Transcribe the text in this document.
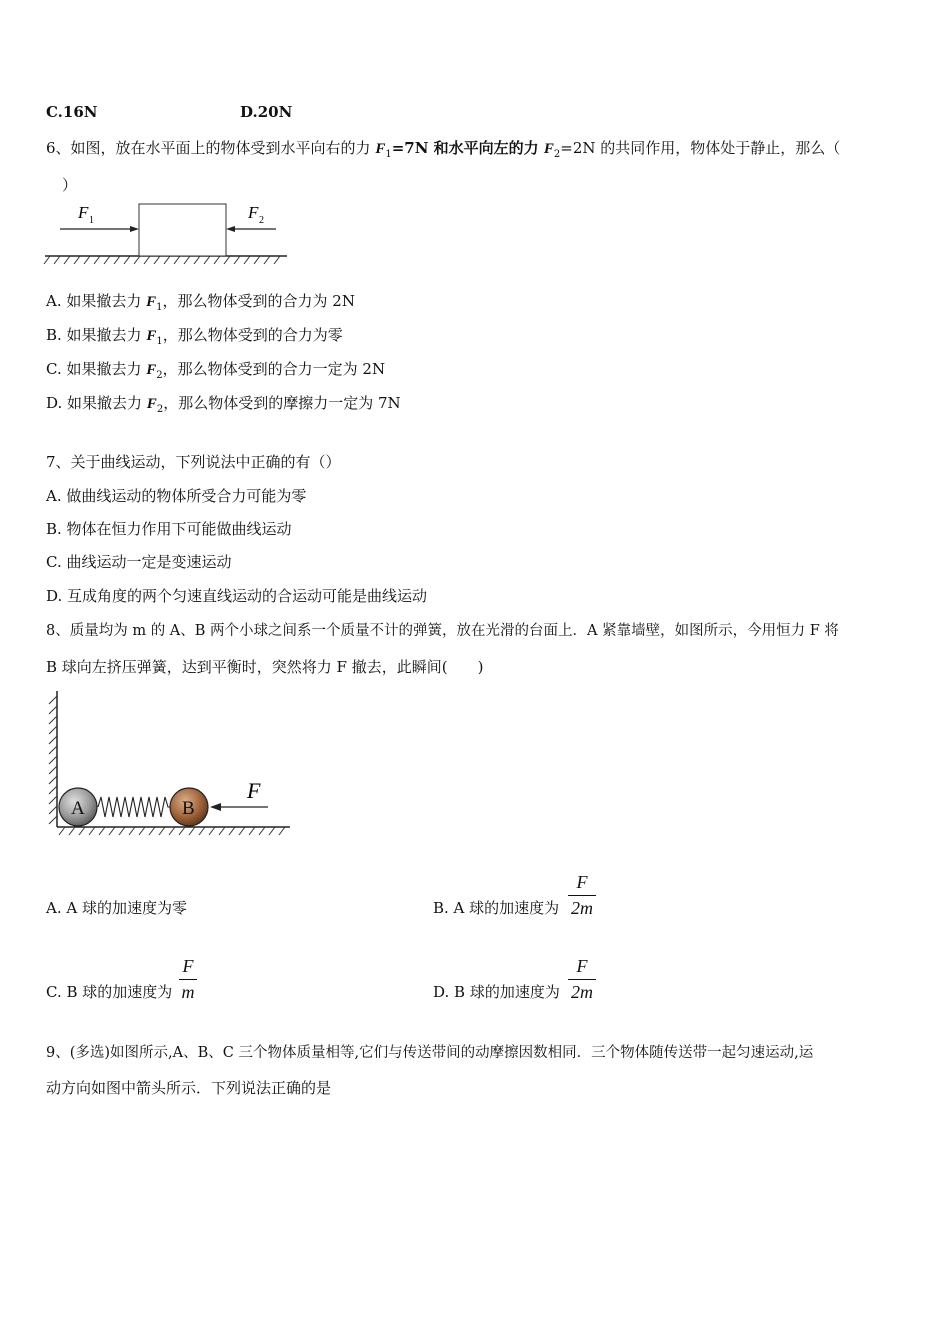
C.16N	D.20N
6、如图，放在水平面上的物体受到水平向右的力 $F_1=7N$ 和水平向左的力 $F_2=2N$ 的共同作用，物体处于静止，那么（
）
F 1	F 2
A. 如果撤去力 $F_1$，那么物体受到的合力为 2N
B. 如果撤去力 $F_1$，那么物体受到的合力为零
C. 如果撤去力 $F_2$，那么物体受到的合力一定为 2N
D. 如果撤去力 $F_2$，那么物体受到的摩擦力一定为 7N
7、关于曲线运动，下列说法中正确的有（）
A. 做曲线运动的物体所受合力可能为零
B. 物体在恒力作用下可能做曲线运动
C. 曲线运动一定是变速运动
D. 互成角度的两个匀速直线运动的合运动可能是曲线运动
8、质量均为 m 的 A、B 两个小球之间系一个质量不计的弹簧，放在光滑的台面上．A 紧靠墙壁，如图所示，今用恒力 F 将
B 球向左挤压弹簧，达到平衡时，突然将力 F 撤去，此瞬间(　　)
A	B
F
A. A 球的加速度为零	B. A 球的加速度为
F
2m
C. B 球的加速度为
F
m	D. B 球的加速度为
F
2m
9、(多选)如图所示,A、B、C 三个物体质量相等,它们与传送带间的动摩擦因数相同．三个物体随传送带一起匀速运动,运
动方向如图中箭头所示．下列说法正确的是
